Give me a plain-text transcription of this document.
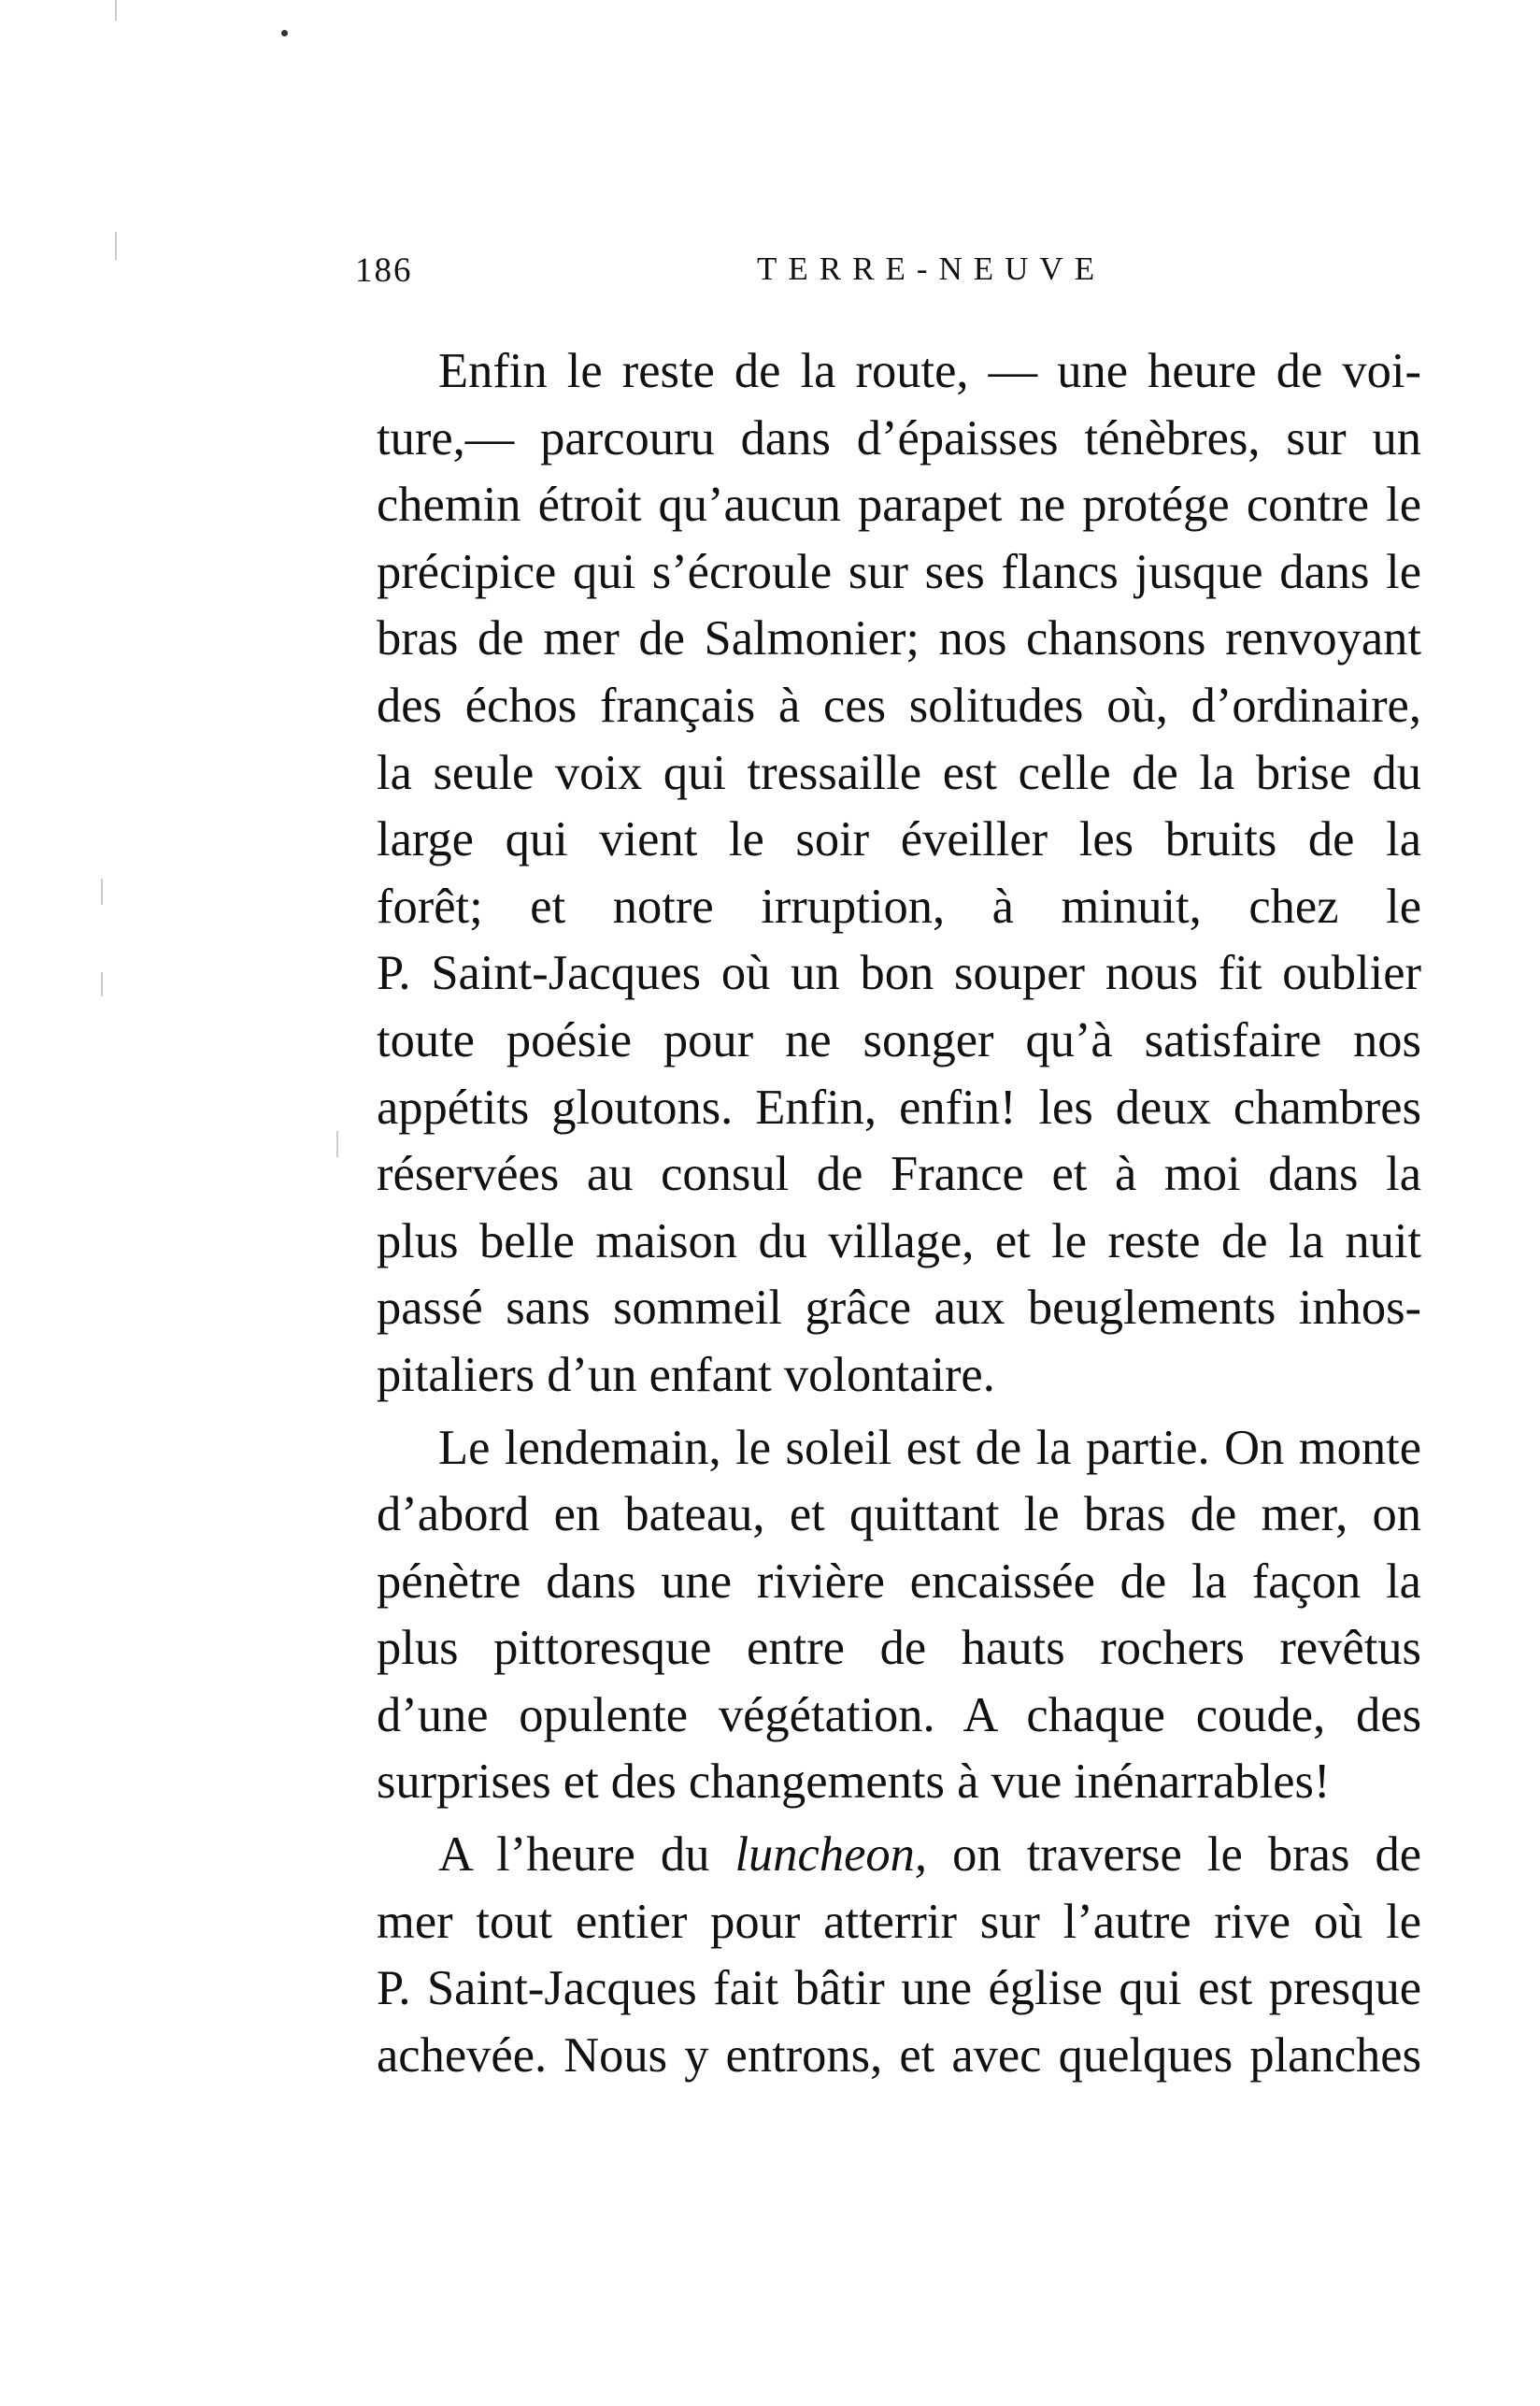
186	TERRE-NEUVE
Enfin le reste de la route, — une heure de voi-
ture,— parcouru dans d’épaisses ténèbres, sur un
chemin étroit qu’aucun parapet ne protége contre le
précipice qui s’écroule sur ses flancs jusque dans le
bras de mer de Salmonier; nos chansons renvoyant
des échos français à ces solitudes où, d’ordinaire,
la seule voix qui tressaille est celle de la brise du
large qui vient le soir éveiller les bruits de la
forêt; et notre irruption, à minuit, chez le
P. Saint-Jacques où un bon souper nous fit oublier
toute poésie pour ne songer qu’à satisfaire nos
appétits gloutons. Enfin, enfin! les deux chambres
réservées au consul de France et à moi dans la
plus belle maison du village, et le reste de la nuit
passé sans sommeil grâce aux beuglements inhos-
pitaliers d’un enfant volontaire.
Le lendemain, le soleil est de la partie. On monte
d’abord en bateau, et quittant le bras de mer, on
pénètre dans une rivière encaissée de la façon la
plus pittoresque entre de hauts rochers revêtus
d’une opulente végétation. A chaque coude, des
surprises et des changements à vue inénarrables!
A l’heure du luncheon, on traverse le bras de
mer tout entier pour atterrir sur l’autre rive où le
P. Saint-Jacques fait bâtir une église qui est presque
achevée. Nous y entrons, et avec quelques planches
